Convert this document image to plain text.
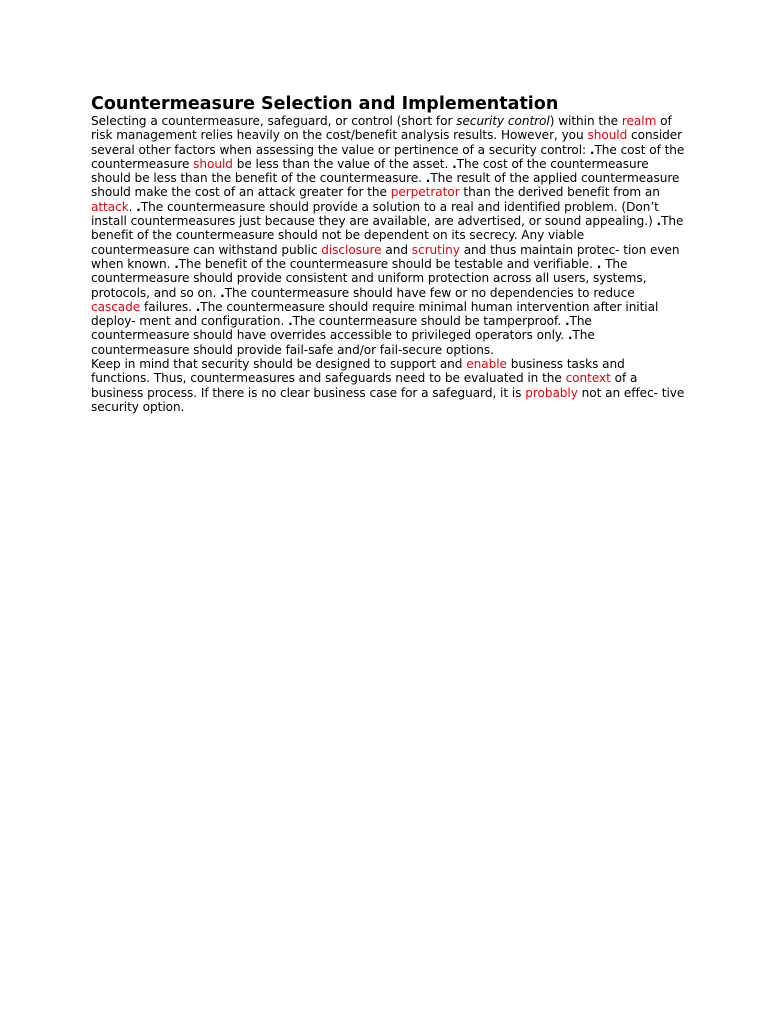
Countermeasure Selection and Implementation

Selecting a countermeasure, safeguard, or control (short for security control) within the realm of risk management relies heavily on the cost/benefit analysis results. However, you should consider several other factors when assessing the value or pertinence of a security control: .The cost of the countermeasure should be less than the value of the asset. .The cost of the countermeasure should be less than the benefit of the countermeasure. .The result of the applied countermeasure should make the cost of an attack greater for the perpetrator than the derived benefit from an attack. .The countermeasure should provide a solution to a real and identified problem. (Don’t install countermeasures just because they are available, are advertised, or sound appealing.) .The benefit of the countermeasure should not be dependent on its secrecy. Any viable countermeasure can withstand public disclosure and scrutiny and thus maintain protec- tion even when known. .The benefit of the countermeasure should be testable and verifiable. . The countermeasure should provide consistent and uniform protection across all users, systems, protocols, and so on. .The countermeasure should have few or no dependencies to reduce cascade failures. .The countermeasure should require minimal human intervention after initial deploy- ment and configuration. .The countermeasure should be tamperproof. .The countermeasure should have overrides accessible to privileged operators only. .The countermeasure should provide fail-safe and/or fail-secure options.

Keep in mind that security should be designed to support and enable business tasks and functions. Thus, countermeasures and safeguards need to be evaluated in the context of a business process. If there is no clear business case for a safeguard, it is probably not an effec- tive security option.
